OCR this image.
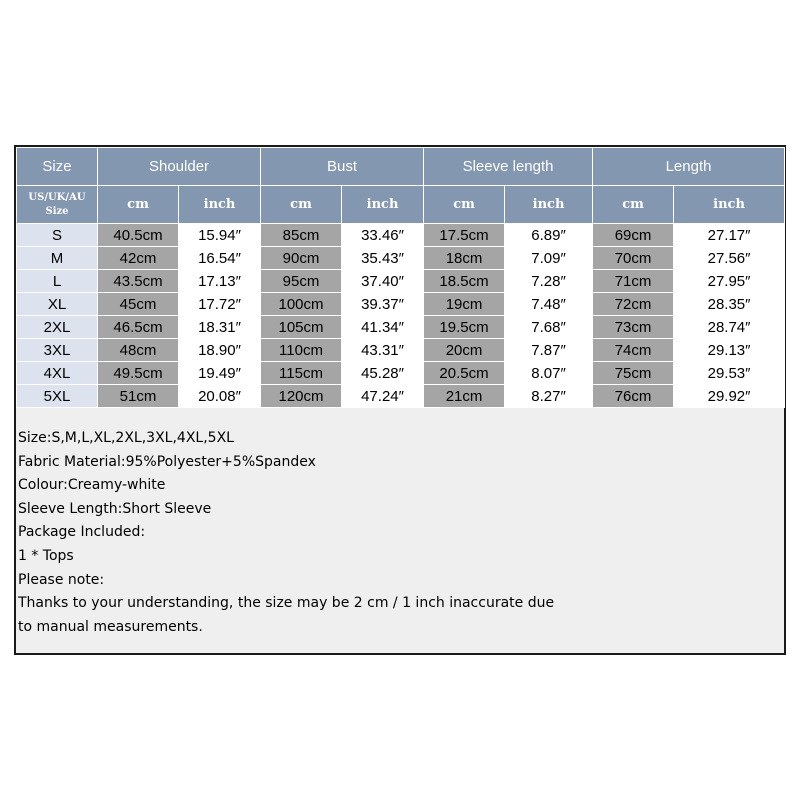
Size	Shoulder		Bust		Sleeve length		Length	
US/UK/AU Size	cm	inch	cm	inch	cm	inch	cm	inch
S	40.5cm	15.94″	85cm	33.46″	17.5cm	6.89″	69cm	27.17″
M	42cm	16.54″	90cm	35.43″	18cm	7.09″	70cm	27.56″
L	43.5cm	17.13″	95cm	37.40″	18.5cm	7.28″	71cm	27.95″
XL	45cm	17.72″	100cm	39.37″	19cm	7.48″	72cm	28.35″
2XL	46.5cm	18.31″	105cm	41.34″	19.5cm	7.68″	73cm	28.74″
3XL	48cm	18.90″	110cm	43.31″	20cm	7.87″	74cm	29.13″
4XL	49.5cm	19.49″	115cm	45.28″	20.5cm	8.07″	75cm	29.53″
5XL	51cm	20.08″	120cm	47.24″	21cm	8.27″	76cm	29.92″
Size:S,M,L,XL,2XL,3XL,4XL,5XL
Fabric Material:95%Polyester+5%Spandex
Colour:Creamy-white
Sleeve Length:Short Sleeve
Package Included:
1 * Tops
Please note:
Thanks to your understanding, the size may be 2 cm / 1 inch inaccurate due
to manual measurements.
